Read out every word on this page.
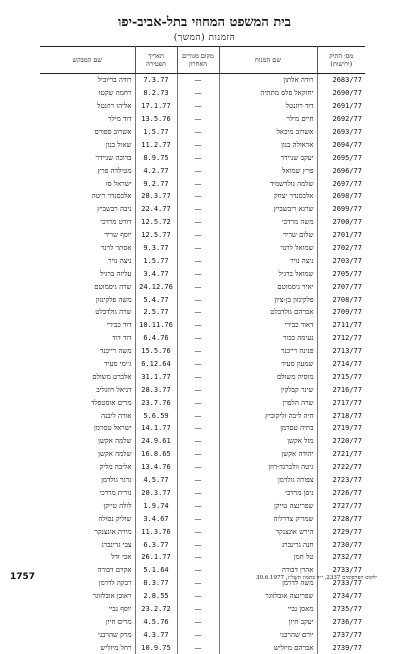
בית המשפט המחוזי בתל-אביב-יפו
הזמנות (המשך)
מס׳ התיק (ירושות)	שם המנוח	מקום מגורים האחרון	תאריך הפטירה	שם המבקש
2683/77	רודה אלתון	—	7.3.77	רודה בריוביל
2690/77	יחזקאל פלס מתתיה	—	8.2.73	רחמה שקטו
2691/77	דוד רוזנטל	—	17.1.77	אליהו רוזנטל
2692/77	חיים מילר	—	13.5.76	דוד מילר
2693/77	אשרוב מיכאל	—	1.5.77	אשרוב ספורס
2694/77	אראולה בנון	—	11.2.77	שאול בנון
2695/77	יעקב שניידר	—	8.9.75	ברוכה שניידר
2696/77	פרץ שמואל	—	4.2.77	מטילדה פרץ
2697/77	שלמה גולדשמיד	—	9.2.77	ישראל סו
2698/77	אלכסנדר יצחק	—	28.3.77	אלכסנדר ריטה
2699/77	שרגא ריבשביץ	—	22.4.77	ניבה רבשביץ
2700/77	משה מרדכי	—	12.5.72	דורט מרדכי
2701/77	שלום שריר	—	12.5.77	יוסף שריר
2702/77	שמואל לרנר	—	9.3.77	אסתר לרנר
2703/77	ניצה נויר	—	1.5.77	ניצה נויר
2705/77	שמואל ברגיל	—	3.4.77	עליזה ברגיל
2707/77	יאיר גיסמוטם	—	24.12.76	שרה גיסמוטם
2708/77	פלקינזון בן-ציון	—	5.4.77	משה פלקינזון
2709/77	אברהם גולדבלט	—	2.5.77	שרה גולדבלט
2711/77	דאוד כבירי	—	10.11.76	דוד כבירי
2712/77	נעימה בכור	—	6.4.76	דוד דוד
2713/77	פנינה רייכנר	—	15.5.76	משה רייכנר
2714/77	שמעון סעיד	—	6.12.64	ג׳ימי סעיד
2715/77	מוסיה משולם	—	31.1.77	אלברט משולם
2716/77	שינר קבלקין	—	28.3.77	דניאל רוזנליב
2717/77	שרה הלפרן	—	23.7.76	מרים אוסטפלד
2718/77	חיה ליבה זליקוביץ	—	5.6.59	אורה ליבנה
2719/77	בתיה טסרמן	—	14.1.77	ישראל טסרמן
2720/77	מזל אקשן	—	24.9.61	שלמה אקשן
2721/77	יהודה אקשן	—	16.8.65	שלמה אקשן
2722/77	גיטה וולברנד-רוזן	—	13.4.76	אליבה מליק
2723/77	צפורה גולדמן	—	4.5.77	גרגר גולדמן
2726/77	ניסן מרדכי	—	20.3.77	נורית מרדכי
2727/77	שפרינצה טייקן	—	1.9.74	לולה טייקן
2728/77	שמריק צדרליה	—	3.4.67	שוליק נסולה
2729/77	הירש אונצנקר	—	11.3.76	מירה אונצנקר
2730/77	חנה גרינברג	—	6.3.77	צבי גרינברג
2732/77	טל חמן	—	26.1.77	אבי זדל
2733/77	אהרן דבורה	—	5.1.64	אקרם דבורה
2733/77	משה לדרמן	—	8.3.77	רבקה לדרמן
2734/77	שפרינצה אובלזוגר	—	2.8.55	ראובן אובלזוגר
2735/77	מאסן נביי	—	23.2.72	יוסף נביי
2736/77	יעקב חיון	—	4.5.76	מרים חיון
2737/77	יורם שהרבני	—	4.3.77	מרק שהרבני
2739/77	אברהם מיזליש	—	10.9.75	רחל מיזליש
1757	ילקוט הפרסומים 2337, י״ד בתמוז תשל״ז, 30.6.1977
